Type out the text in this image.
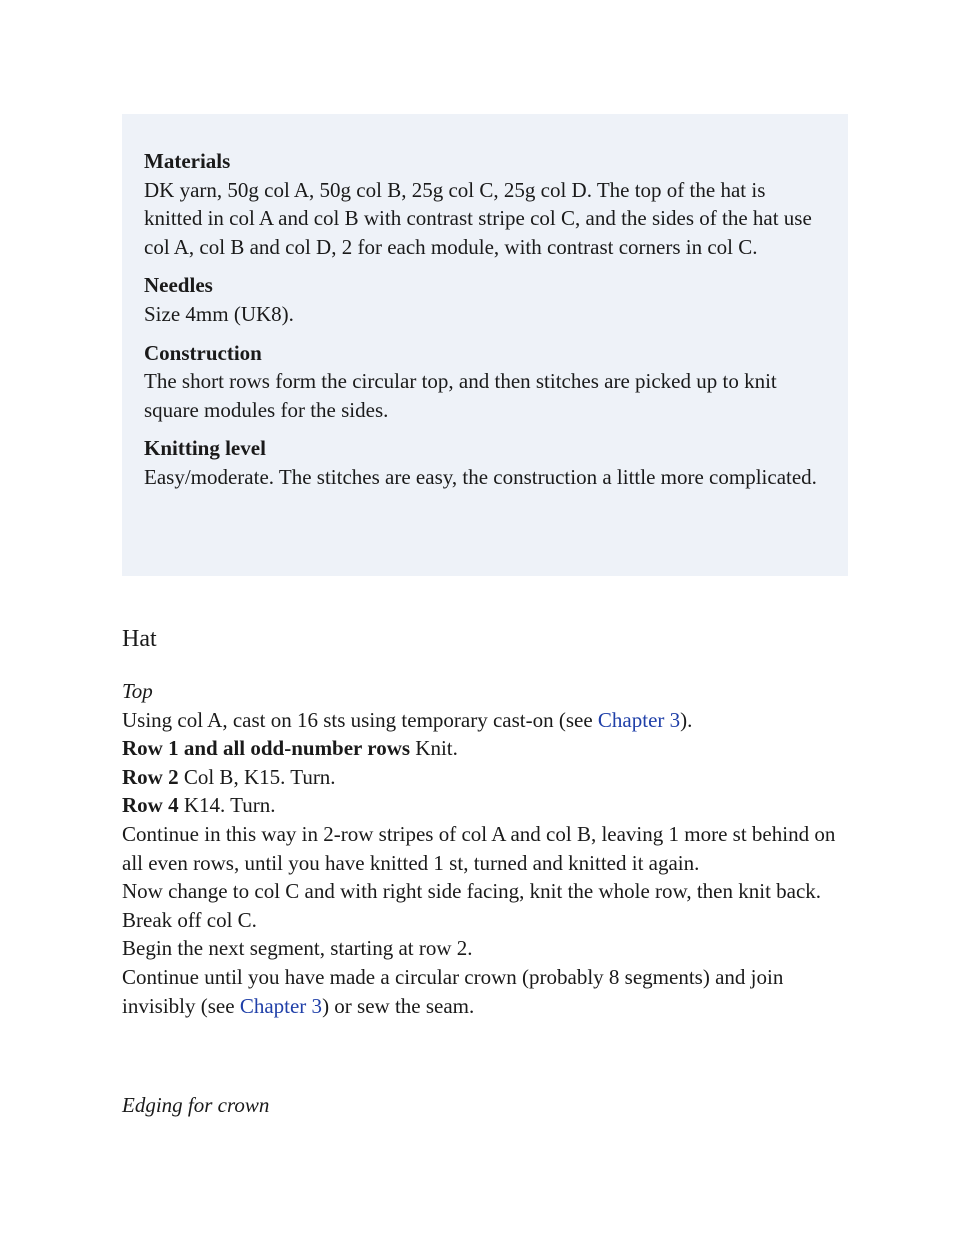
Materials

DK yarn, 50g col A, 50g col B, 25g col C, 25g col D. The top of the hat is knitted in col A and col B with contrast stripe col C, and the sides of the hat use col A, col B and col D, 2 for each module, with contrast corners in col C.

Needles

Size 4mm (UK8).

Construction

The short rows form the circular top, and then stitches are picked up to knit square modules for the sides.

Knitting level

Easy/moderate. The stitches are easy, the construction a little more complicated.

Hat

Top

Using col A, cast on 16 sts using temporary cast-on (see Chapter 3).

Row 1 and all odd-number rows Knit.

Row 2 Col B, K15. Turn.

Row 4 K14. Turn.

Continue in this way in 2-row stripes of col A and col B, leaving 1 more st behind on all even rows, until you have knitted 1 st, turned and knitted it again.

Now change to col C and with right side facing, knit the whole row, then knit back. Break off col C.

Begin the next segment, starting at row 2.

Continue until you have made a circular crown (probably 8 segments) and join invisibly (see Chapter 3) or sew the seam.

Edging for crown
